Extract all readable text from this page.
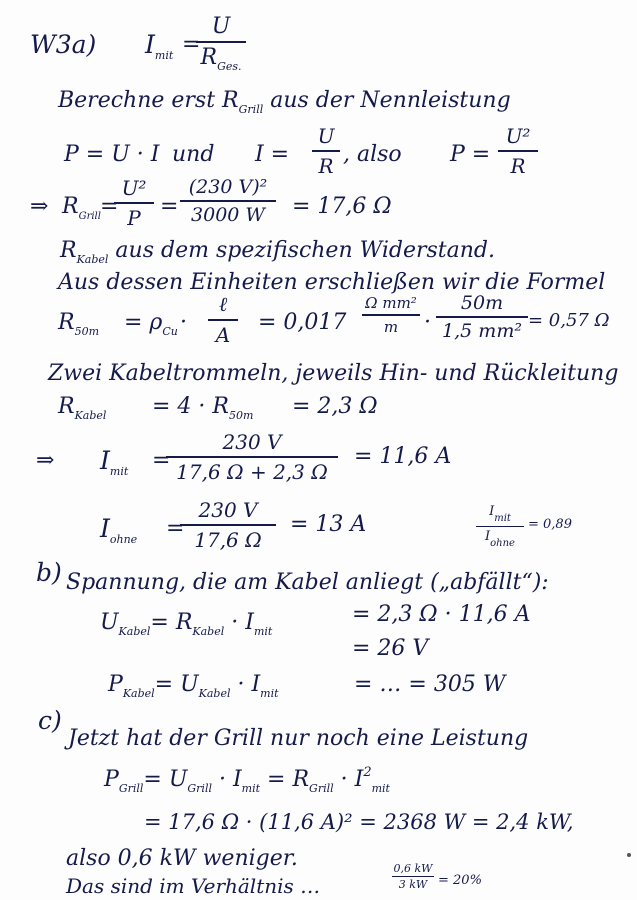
W3a) $I_{mit}$ =
U
$R_{Ges.}$
Berechne erst $R_{Grill}$ aus der Nennleistung
P = U · I und I =
U
R , also P =
U²
R
⇒ $R_{Grill}$ =
U²
P =
(230 V)²
3000 W	= 17,6 Ω
$R_{Kabel}$ aus dem spezifischen Widerstand.
Aus dessen Einheiten erschließen wir die Formel
$R_{50m} = \rho_{Cu}$ ·
ℓ
A	= 0,017
Ω mm²
m	·
50m
1,5 mm² = 0,57 Ω
Zwei Kabeltrommeln, jeweils Hin- und Rückleitung
$R_{Kabel} = 4 \cdot R_{50m} = 2,3$ Ω
⇒ $I_{mit}$ =
230 V
17,6 Ω + 2,3 Ω
= 11,6 A
$I_{ohne}$ =
230 V
17,6 Ω
= 13 A
$I_{mit}$
$I_{ohne}$
= 0,89
b) Spannung, die am Kabel anliegt („abfällt“):
$U_{Kabel}= R_{Kabel} \cdot I_{mit}$
= 2,3 Ω · 11,6 A
= 26 V
$P_{Kabel}= U_{Kabel} \cdot I_{mit}$	= … = 305 W
c)
Jetzt hat der Grill nur noch eine Leistung
$P_{Grill}= U_{Grill} \cdot I_{mit} = R_{Grill} \cdot I^2_{mit}$
= 17,6 Ω · (11,6 A)² = 2368 W = 2,4 kW,
also 0,6 kW weniger.
Das sind im Verhältnis …
0,6 kW
3 kW = 20%
